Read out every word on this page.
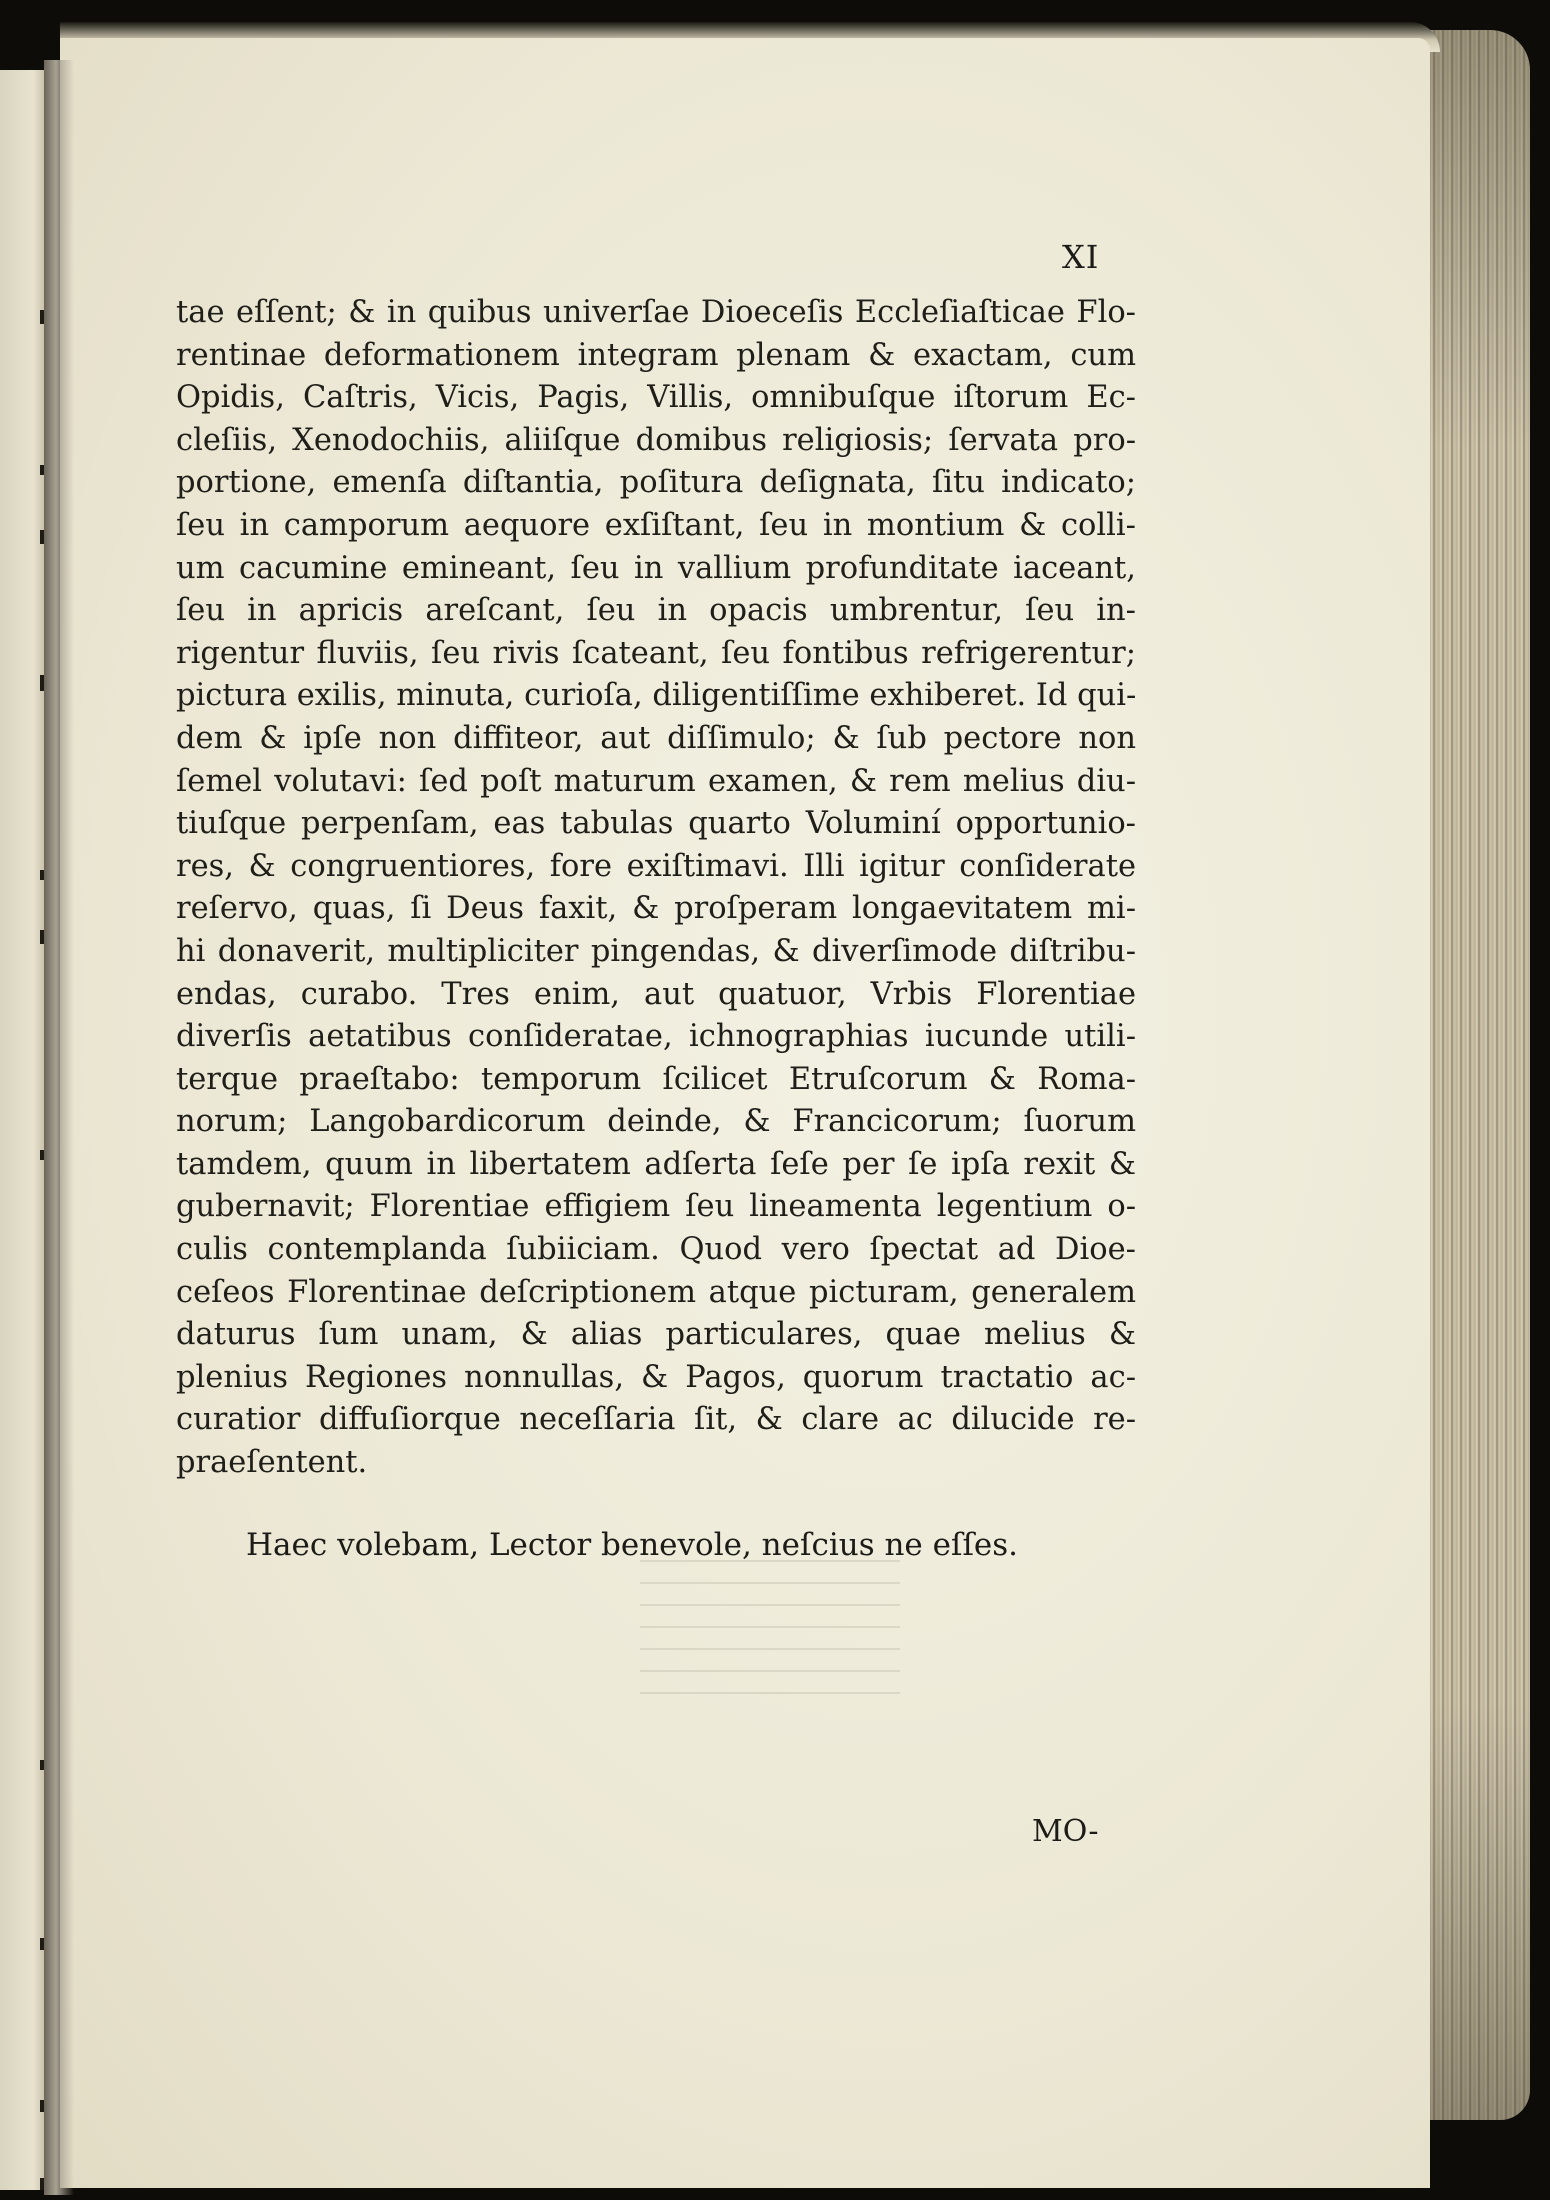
XI
tae eſſent; & in quibus univerſae Dioeceſis Eccleſiaſticae Flo-
rentinae deformationem integram plenam & exactam, cum
Opidis, Caſtris, Vicis, Pagis, Villis, omnibuſque iſtorum Ec-
cleſiis, Xenodochiis, aliiſque domibus religiosis; ſervata pro-
portione, emenſa diſtantia, poſitura deſignata, ſitu indicato;
ſeu in camporum aequore exſiſtant, ſeu in montium & colli-
um cacumine emineant, ſeu in vallium profunditate iaceant,
ſeu in apricis areſcant, ſeu in opacis umbrentur, ſeu in-
rigentur fluviis, ſeu rivis ſcateant, ſeu fontibus refrigerentur;
pictura exilis, minuta, curioſa, diligentiſſime exhiberet. Id qui-
dem & ipſe non diffiteor, aut diſſimulo; & ſub pectore non
ſemel volutavi: ſed poſt maturum examen, & rem melius diu-
tiuſque perpenſam, eas tabulas quarto Voluminí opportunio-
res, & congruentiores, fore exiſtimavi. Illi igitur conſiderate
reſervo, quas, ſi Deus faxit, & proſperam longaevitatem mi-
hi donaverit, multipliciter pingendas, & diverſimode diſtribu-
endas, curabo. Tres enim, aut quatuor, Vrbis Florentiae
diverſis aetatibus conſideratae, ichnographias iucunde utili-
terque praeſtabo: temporum ſcilicet Etruſcorum & Roma-
norum; Langobardicorum deinde, & Francicorum; ſuorum
tamdem, quum in libertatem adſerta ſeſe per ſe ipſa rexit &
gubernavit; Florentiae effigiem ſeu lineamenta legentium o-
culis contemplanda ſubiiciam. Quod vero ſpectat ad Dioe-
ceſeos Florentinae deſcriptionem atque picturam, generalem
daturus ſum unam, & alias particulares, quae melius &
plenius Regiones nonnullas, & Pagos, quorum tractatio ac-
curatior diffuſiorque neceſſaria ſit, & clare ac dilucide re-
praeſentent.
Haec volebam, Lector benevole, neſcius ne eſſes.
MO-
